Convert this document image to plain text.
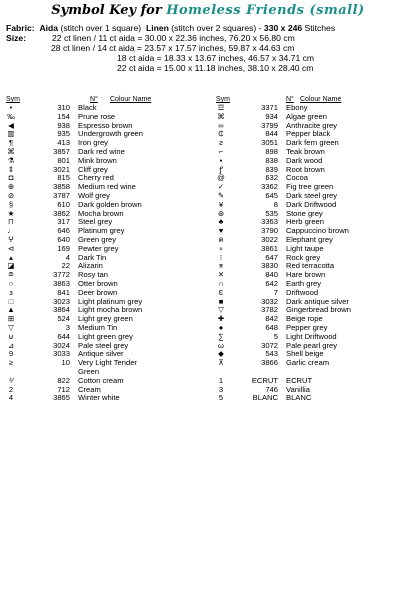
Symbol Key for Homeless Friends (small)
Fabric: Aida (stitch over 1 square) Linen (stitch over 2 squares) - 330 x 246 Stitches
Size:	22 ct linen / 11 ct aida = 30.00 x 22.36 inches, 76.20 x 56.80 cm
28 ct linen / 14 ct aida = 23.57 x 17.57 inches, 59.87 x 44.63 cm
18 ct aida = 18.33 x 13.67 inches, 46.57 x 34.71 cm
22 ct aida = 15.00 x 11.18 inches, 38.10 x 28.40 cm
Sym	N° Colour Name	Sym	N° Colour Name
•	310 Black
‰	154 Prune rose
◀	938 Espresso brown
▥	935 Undergrowth green
¶	413 Iron grey
⌘	3857 Dark red wine
⚗	801 Mink brown
⇕	3021 Cliff grey
◘	815 Cherry red
⊕	3858 Medium red wine
⊘	3787 Wolf grey
§	610 Dark golden brown
★	3862 Mocha brown
⊓	317 Steel grey
♩	646 Platinum grey
ⵖ	640 Green grey
⊲	169 Pewter grey
▴	4 Dark Tin
◪	22 Alizarin
≘	3772 Rosy tan
○	3863 Otter brown
ɜ	841 Deer brown
□	3023 Light platinum grey
▲	3864 Light mocha brown
⊞	524 Light grey green
▽	3 Medium Tin
⊍	644 Light green grey
⊿	3024 Pale steel grey
9	3033 Antique silver
≥	10 Very Light Tender Green
⁴⁄	822 Cotton cream
2	712 Cream
4	3865 Winter white
☲	3371 Ebony
⌘	934 Algae green
∞	3799 Anthracite grey
₵	844 Pepper black
ƨ	3051 Dark fern green
⌐	898 Teak brown
▪	838 Dark wood
ꝭ	839 Root brown
@	632 Cocoa
✓	3362 Fig tree green
✎	645 Dark steel grey
¥	8 Dark Driftwood
⊛	535 Stone grey
♣	3363 Herb green
♥	3790 Cappuccino brown
ค	3022 Elephant grey
∘	3861 Light taupe
⁝	647 Rock grey
⌆	3830 Red terracotta
✕	840 Hare brown
∩	642 Earth grey
Ɛ	7 Driftwood
■	3032 Dark antique silver
▽	3782 Gingerbread brown
✚	842 Beige rope
●	648 Pepper grey
∑	5 Light Driftwood
ω	3072 Pale pearl grey
◆	543 Shell beige
⊼	3866 Garlic cream
1	ECRUT ECRUT
3	746 Vanillia
5	BLANC BLANC
